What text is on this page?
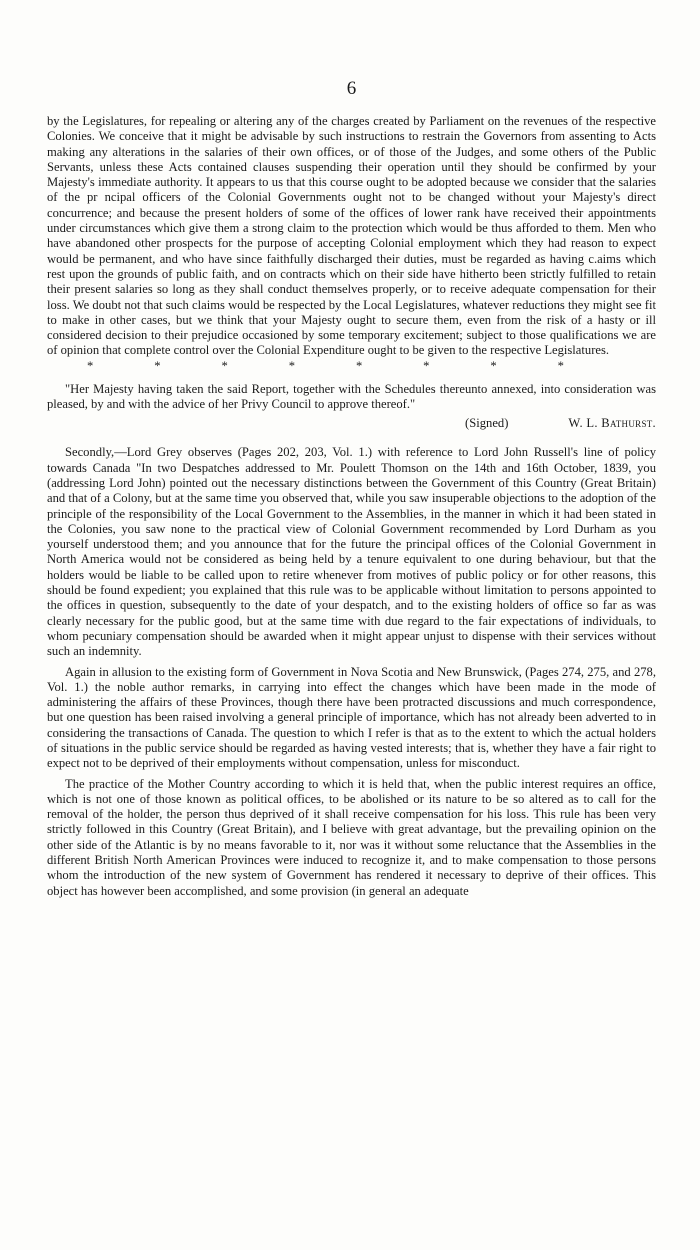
6

by the Legislatures, for repealing or altering any of the charges created by Parliament on the revenues of the respective Colonies. We conceive that it might be advisable by such instructions to restrain the Governors from assenting to Acts making any alterations in the salaries of their own offices, or of those of the Judges, and some others of the Public Servants, unless these Acts contained clauses suspending their operation until they should be confirmed by your Majesty's immediate authority. It appears to us that this course ought to be adopted because we consider that the salaries of the pr ncipal officers of the Colonial Governments ought not to be changed without your Majesty's direct concurrence; and because the present holders of some of the offices of lower rank have received their appointments under circumstances which give them a strong claim to the protection which would be thus afforded to them. Men who have abandoned other prospects for the purpose of accepting Colonial employment which they had reason to expect would be permanent, and who have since faithfully discharged their duties, must be regarded as having c.aims which rest upon the grounds of public faith, and on contracts which on their side have hitherto been strictly fulfilled to retain their present salaries so long as they shall conduct themselves properly, or to receive adequate compensation for their loss. We doubt not that such claims would be respected by the Local Legislatures, whatever reductions they might see fit to make in other cases, but we think that your Majesty ought to secure them, even from the risk of a hasty or ill considered decision to their prejudice occasioned by some temporary excitement; subject to those qualifications we are of opinion that complete control over the Colonial Expenditure ought to be given to the respective Legislatures.

*	*	*	*	*	*	*	*

"Her Majesty having taken the said Report, together with the Schedules thereunto annexed, into consideration was pleased, by and with the advice of her Privy Council to approve thereof."

(Signed)	W. L. Bathurst.

Secondly,—Lord Grey observes (Pages 202, 203, Vol. 1.) with reference to Lord John Russell's line of policy towards Canada "In two Despatches addressed to Mr. Poulett Thomson on the 14th and 16th October, 1839, you (addressing Lord John) pointed out the necessary distinctions between the Government of this Country (Great Britain) and that of a Colony, but at the same time you observed that, while you saw insuperable objections to the adoption of the principle of the responsibility of the Local Government to the Assemblies, in the manner in which it had been stated in the Colonies, you saw none to the practical view of Colonial Government recommended by Lord Durham as you yourself understood them; and you announce that for the future the principal offices of the Colonial Government in North America would not be considered as being held by a tenure equivalent to one during behaviour, but that the holders would be liable to be called upon to retire whenever from motives of public policy or for other reasons, this should be found expedient; you explained that this rule was to be applicable without limitation to persons appointed to the offices in question, subsequently to the date of your despatch, and to the existing holders of office so far as was clearly necessary for the public good, but at the same time with due regard to the fair expectations of individuals, to whom pecuniary compensation should be awarded when it might appear unjust to dispense with their services without such an indemnity.

Again in allusion to the existing form of Government in Nova Scotia and New Brunswick, (Pages 274, 275, and 278, Vol. 1.) the noble author remarks, in carrying into effect the changes which have been made in the mode of administering the affairs of these Provinces, though there have been protracted discussions and much correspondence, but one question has been raised involving a general principle of importance, which has not already been adverted to in considering the transactions of Canada. The question to which I refer is that as to the extent to which the actual holders of situations in the public service should be regarded as having vested interests; that is, whether they have a fair right to expect not to be deprived of their employments without compensation, unless for misconduct.

The practice of the Mother Country according to which it is held that, when the public interest requires an office, which is not one of those known as political offices, to be abolished or its nature to be so altered as to call for the removal of the holder, the person thus deprived of it shall receive compensation for his loss. This rule has been very strictly followed in this Country (Great Britain), and I believe with great advantage, but the prevailing opinion on the other side of the Atlantic is by no means favorable to it, nor was it without some reluctance that the Assemblies in the different British North American Provinces were induced to recognize it, and to make compensation to those persons whom the introduction of the new system of Government has rendered it necessary to deprive of their offices. This object has however been accomplished, and some provision (in general an adequate
